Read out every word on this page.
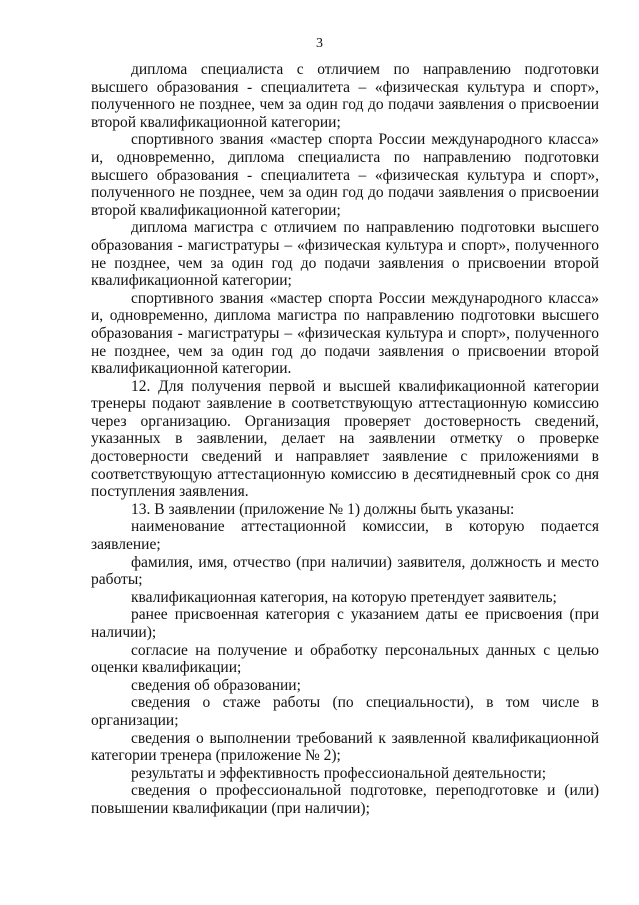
3

диплома специалиста с отличием по направлению подготовки высшего образования - специалитета – «физическая культура и спорт», полученного не позднее, чем за один год до подачи заявления о присвоении второй квалификационной категории;

спортивного звания «мастер спорта России международного класса» и, одновременно, диплома специалиста по направлению подготовки высшего образования - специалитета – «физическая культура и спорт», полученного не позднее, чем за один год до подачи заявления о присвоении второй квалификационной категории;

диплома магистра с отличием по направлению подготовки высшего образования - магистратуры – «физическая культура и спорт», полученного не позднее, чем за один год до подачи заявления о присвоении второй квалификационной категории;

спортивного звания «мастер спорта России международного класса» и, одновременно, диплома магистра по направлению подготовки высшего образования - магистратуры – «физическая культура и спорт», полученного не позднее, чем за один год до подачи заявления о присвоении второй квалификационной категории.

12. Для получения первой и высшей квалификационной категории тренеры подают заявление в соответствующую аттестационную комиссию через организацию. Организация проверяет достоверность сведений, указанных в заявлении, делает на заявлении отметку о проверке достоверности сведений и направляет заявление с приложениями в соответствующую аттестационную комиссию в десятидневный срок со дня поступления заявления.

13. В заявлении (приложение № 1) должны быть указаны:

наименование аттестационной комиссии, в которую подается заявление;

фамилия, имя, отчество (при наличии) заявителя, должность и место работы;

квалификационная категория, на которую претендует заявитель;

ранее присвоенная категория с указанием даты ее присвоения (при наличии);

согласие на получение и обработку персональных данных с целью оценки квалификации;

сведения об образовании;

сведения о стаже работы (по специальности), в том числе в организации;

сведения о выполнении требований к заявленной квалификационной категории тренера (приложение № 2);

результаты и эффективность профессиональной деятельности;

сведения о профессиональной подготовке, переподготовке и (или) повышении квалификации (при наличии);
